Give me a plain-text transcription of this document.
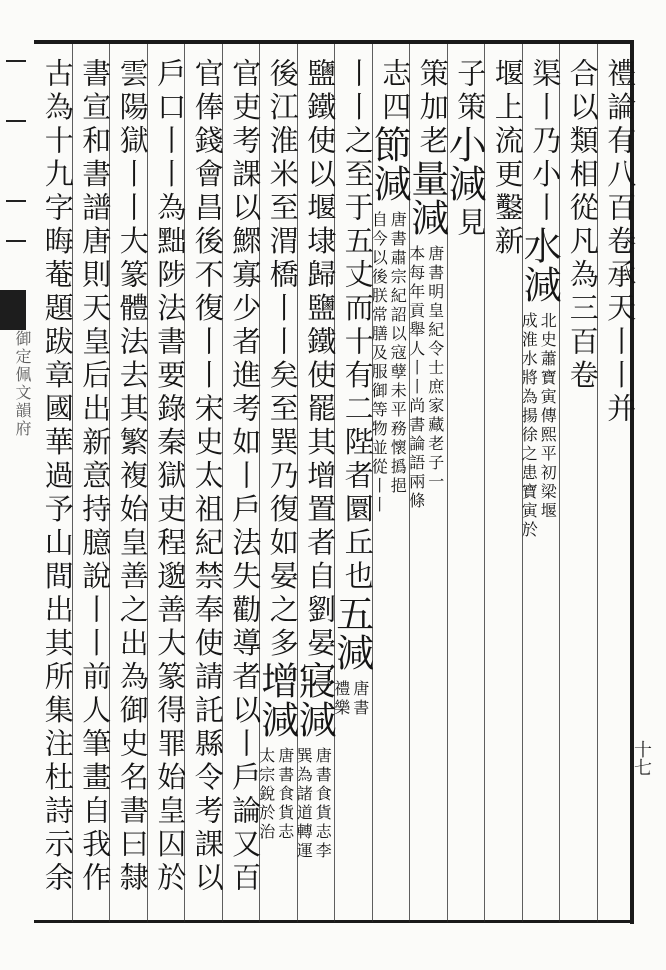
御定佩文韻府	禮論有八百卷承天丨丨并
合以類相從凡為三百卷
渠丨乃小丨
水減
北史蕭寶寅傳熙平初梁堰
成淮水將為揚徐之患寶寅於
堰上流更鑿新
子策
小減
見
策加老
量減
唐書明皇紀令士庶家藏老子一
本每年貢舉人丨丨尚書論語兩條
志四
節減
唐書肅宗紀詔以寇孽未平務懷撝挹
自今以後朕常膳及服御等物並從丨丨
丨丨之至于五丈而十有二陛者圜丘也
五減
唐書
禮樂
鹽鐵使以堰埭歸鹽鐵使罷其增置者自劉晏
寢減
唐書食貨志李
巽為諸道轉運
後江淮米至渭橋丨丨矣至巽乃復如晏之多
增減
唐書食貨志
太宗銳於治
官吏考課以鰥寡少者進考如丨戶法失勸導者以丨戶論又百
官俸錢會昌後不復丨丨宋史太祖紀禁奉使請託縣令考課以
戶口丨丨為黜陟法書要錄秦獄吏程邈善大篆得罪始皇囚於
雲陽獄丨丨大篆體法去其繁複始皇善之出為御史名書曰隸
書宣和書譜唐則天皇后出新意持臆說丨丨前人筆畫自我作
古為十九字晦菴題跋章國華過予山間出其所集注杜詩示余	十七
